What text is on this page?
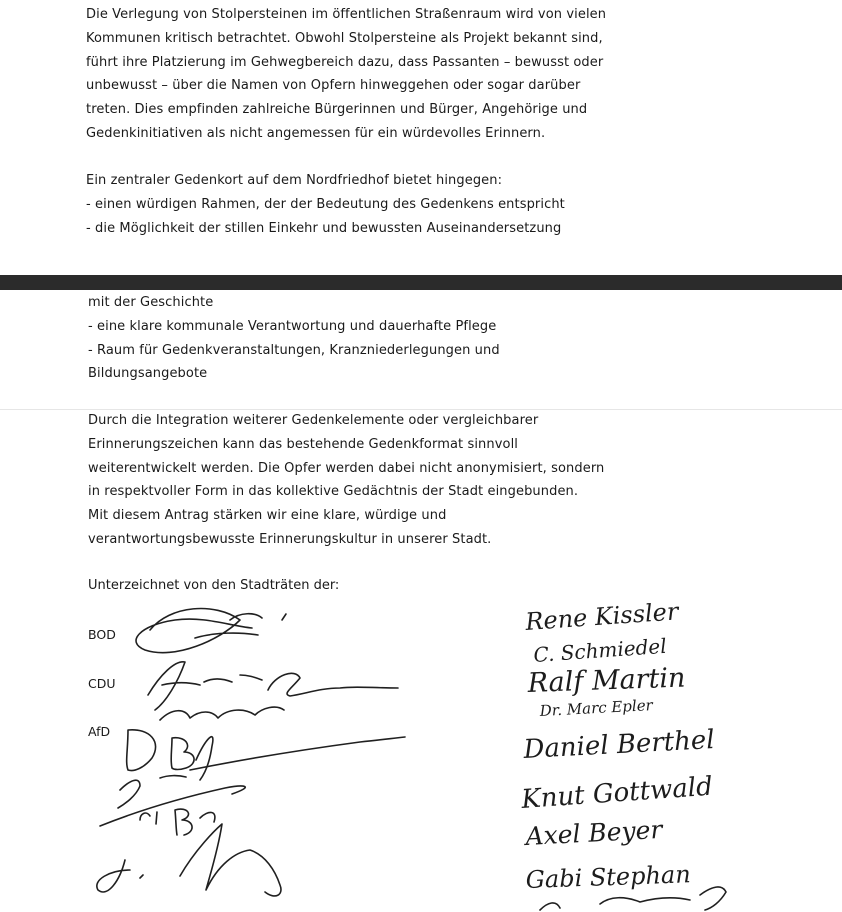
Die Verlegung von Stolpersteinen im öffentlichen Straßenraum wird von vielen
Kommunen kritisch betrachtet. Obwohl Stolpersteine als Projekt bekannt sind,
führt ihre Platzierung im Gehwegbereich dazu, dass Passanten – bewusst oder
unbewusst – über die Namen von Opfern hinweggehen oder sogar darüber
treten. Dies empfinden zahlreiche Bürgerinnen und Bürger, Angehörige und
Gedenkinitiativen als nicht angemessen für ein würdevolles Erinnern.

Ein zentraler Gedenkort auf dem Nordfriedhof bietet hingegen:
- einen würdigen Rahmen, der der Bedeutung des Gedenkens entspricht
- die Möglichkeit der stillen Einkehr und bewussten Auseinandersetzung

mit der Geschichte
- eine klare kommunale Verantwortung und dauerhafte Pflege
- Raum für Gedenkveranstaltungen, Kranzniederlegungen und
Bildungsangebote

Durch die Integration weiterer Gedenkelemente oder vergleichbarer
Erinnerungszeichen kann das bestehende Gedenkformat sinnvoll
weiterentwickelt werden. Die Opfer werden dabei nicht anonymisiert, sondern
in respektvoller Form in das kollektive Gedächtnis der Stadt eingebunden.
Mit diesem Antrag stärken wir eine klare, würdige und
verantwortungsbewusste Erinnerungskultur in unserer Stadt.

Unterzeichnet von den Stadträten der:

BOD

CDU

AfD

Rene Kissler
C. Schmiedel
Ralf Martin
Dr. Marc Epler
Daniel Berthel
Knut Gottwald
Axel Beyer
Gabi Stephan
